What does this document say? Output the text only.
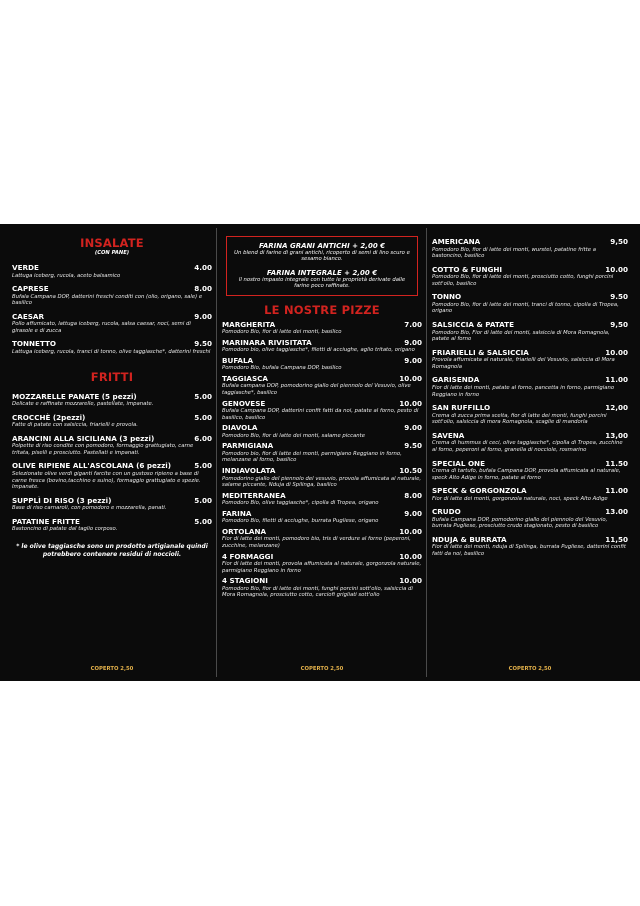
INSALATE
(CON PANE)
VERDE	4.00
Lattuga iceberg, rucola, aceto balsamico
CAPRESE	8.00
Bufala Campana DOP, datterini freschi conditi con (olio, origano, sale) e basilico
CAESAR	9.00
Pollo affumicato, lattuga iceberg, rucola, salsa caesar, noci, semi di girasole e di zucca
TONNETTO	9.50
Lattuga iceberg, rucola, tranci di tonno, olive taggiasche*, datterini freschi
FRITTI
MOZZARELLE PANATE (5 pezzi)	5.00
Delicate e raffinate mozzarelle, pastellate, impanate.
CROCCHÈ (2pezzi)	5.00
Fatte di patate con salsiccia, friarielli e provola.
ARANCINI ALLA SICILIANA (3 pezzi)	6.00
Polpette di riso condite con pomodoro, formaggio grattugiato, carne tritata, piselli e prosciutto. Pastellati e impanati.
OLIVE RIPIENE ALL'ASCOLANA (6 pezzi)	5.00
Selezionate olive verdi giganti farcite con un gustoso ripieno a base di carne fresca (bovino,tacchino e suino), formaggio grattugiato e spezie. Impanate.
SUPPLÌ DI RISO (3 pezzi)	5.00
Base di riso carnaroli, con pomodoro e mozzarella, panati.
PATATINE FRITTE	5.00
Bastoncino di patate dal taglio corposo.
* le olive taggiasche sono un prodotto artigianale quindi potrebbero contenere residui di noccioli.
COPERTO 2,50
FARINA GRANI ANTICHI + 2,00 €
Un blend di farine di grani antichi, ricoperto di semi di lino scuro e sesamo bianco.
FARINA INTEGRALE + 2,00 €
Il nostro impasto integrale con tutte le proprietà derivate dalle farine poco raffinate.
LE NOSTRE PIZZE
MARGHERITA	7.00
Pomodoro Bio, fior di latte dei monti, basilico
MARINARA RIVISITATA	9.00
Pomodoro bio, olive taggiasche*, filetti di acciughe, aglio tritato, origano
BUFALA	9.00
Pomodoro Bio, bufala Campana DOP, basilico
TAGGIASCA	10.00
Bufala campana DOP, pomodorino giallo del piennolo del Vesuvio, olive taggiasche*, basilico
GENOVESE	10.00
Bufala Campana DOP, datterini confit fatti da noi, patate al forno, pesto di basilico, basilico
DIAVOLA	9.00
Pomodoro Bio, fior di latte dei monti, salame piccante
PARMIGIANA	9.50
Pomodoro bio, fior di latte dei monti, parmigiano Reggiano in forno, melanzane al forno, basilico
INDIAVOLATA	10.50
Pomodorino giallo del piennolo del vesuvio, provola affumicata al naturale, salame piccante, Nduja di Spilinga, basilico
MEDITERRANEA	8.00
Pomodoro Bio, olive taggiasche*, cipolla di Tropea, origano
FARINA	9.00
Pomodoro Bio, filetti di acciughe, burrata Pugliese, origano
ORTOLANA	10.00
Fior di latte dei monti, pomodoro bio, tris di verdure al forno (peperoni, zucchine, melanzane)
4 FORMAGGI	10.00
Fior di latte dei monti, provola affumicata al naturale, gorgonzola naturale, parmigiano Reggiano in forno
4 STAGIONI	10.00
Pomodoro Bio, fior di latte dei monti, funghi porcini sott'olio, salsiccia di Mora Romagnola, prosciutto cotto, carciofi grigliati sott'olio
COPERTO 2,50
AMERICANA	9,50
Pomodoro Bio, fior di latte dei monti, wurstel, patatine fritte a bastoncino, basilico
COTTO & FUNGHI	10.00
Pomodoro Bio, fior di latte dei monti, prosciutto cotto, funghi porcini sott'olio, basilico
TONNO	9.50
Pomodoro Bio, fior di latte dei monti, tranci di tonno, cipolla di Tropea, origano
SALSICCIA & PATATE	9,50
Pomodoro Bio, Fior di latte dei monti, salsiccia di Mora Romagnola, patate al forno
FRIARIELLI & SALSICCIA	10.00
Provola affumicata al naturale, friarielli del Vesuvio, salsiccia di Mora Romagnola
GARISENDA	11.00
Fior di latte dei monti, patate al forno, pancetta in forno, parmigiano Reggiano in forno
SAN RUFFILLO	12,00
Crema di zucca prima scelta, fior di latte dei monti, funghi porcini sott'olio, salsiccia di mora Romagnola, scaglie di mandorla
SAVENA	13,00
Crema di hummus di ceci, olive taggiasche*, cipolla di Tropea, zucchine al forno, peperoni al forno, granella di nocciole, rosmarino
SPECIAL ONE	11.50
Crema di tartufo, bufala Campana DOP, provola affumicata al naturale, speck Alto Adige in forno, patate al forno
SPECK & GORGONZOLA	11.00
Fior di latte dei monti, gorgonzola naturale, noci, speck Alto Adige
CRUDO	13.00
Bufala Campana DOP, pomodorino giallo del piennolo del Vesuvio, burrata Pugliese, prosciutto crudo stagionato, pesto di basilico
NDUJA & BURRATA	11,50
Fior di latte dei monti, nduja di Spilinga, burrata Pugliese, datterini confit fatti da noi, basilico
COPERTO 2,50
